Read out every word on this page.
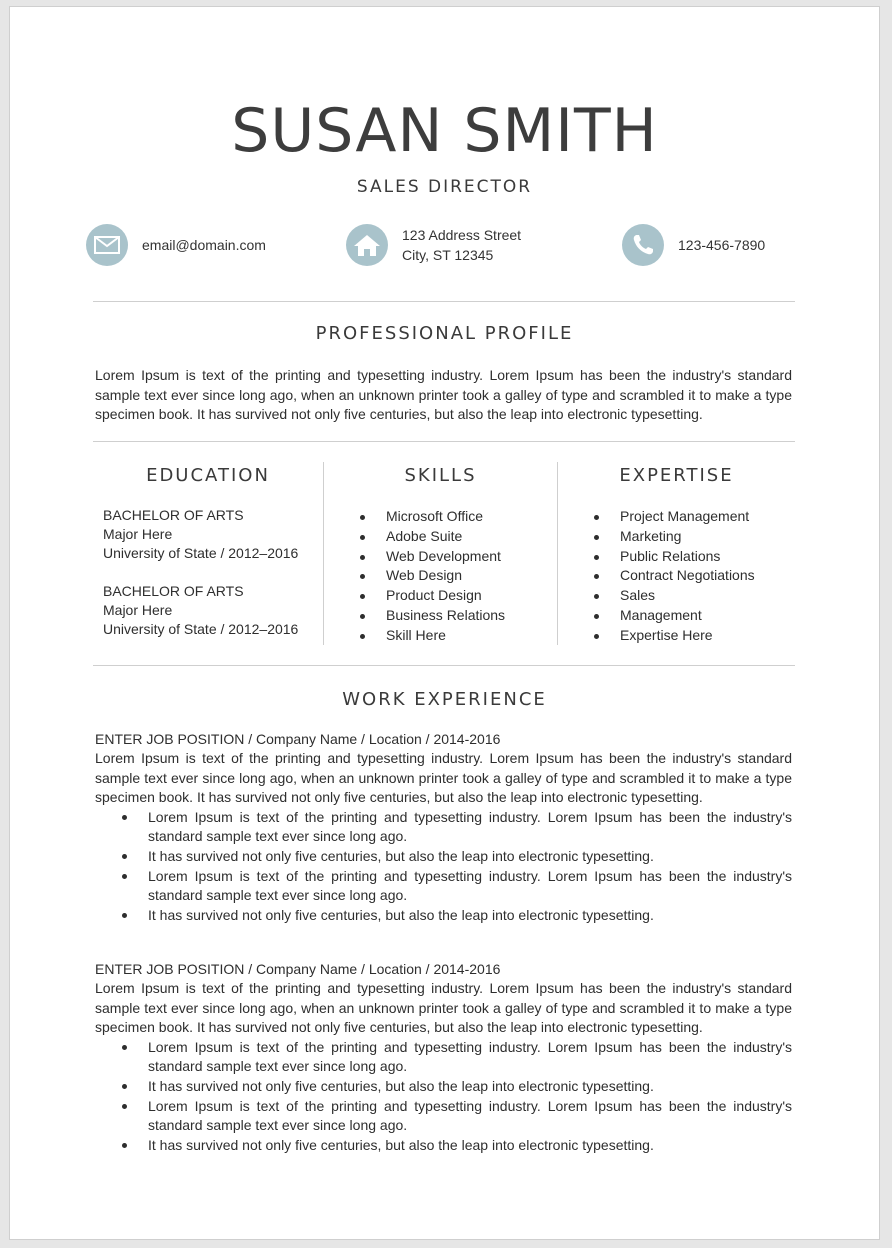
SUSAN SMITH
SALES DIRECTOR
email@domain.com
123 Address Street
City, ST 12345
123-456-7890
PROFESSIONAL PROFILE
Lorem Ipsum is text of the printing and typesetting industry. Lorem Ipsum has been the industry's standard sample text ever since long ago, when an unknown printer took a galley of type and scrambled it to make a type specimen book. It has survived not only five centuries, but also the leap into electronic typesetting.
EDUCATION	SKILLS	EXPERTISE
BACHELOR OF ARTS
Major Here
University of State / 2012–2016
BACHELOR OF ARTS
Major Here
University of State / 2012–2016
Microsoft Office
Adobe Suite
Web Development
Web Design
Product Design
Business Relations
Skill Here
Project Management
Marketing
Public Relations
Contract Negotiations
Sales
Management
Expertise Here
WORK EXPERIENCE
ENTER JOB POSITION / Company Name / Location / 2014-2016
Lorem Ipsum is text of the printing and typesetting industry. Lorem Ipsum has been the industry's standard sample text ever since long ago, when an unknown printer took a galley of type and scrambled it to make a type specimen book. It has survived not only five centuries, but also the leap into electronic typesetting.
Lorem Ipsum is text of the printing and typesetting industry. Lorem Ipsum has been the industry's standard sample text ever since long ago.
It has survived not only five centuries, but also the leap into electronic typesetting.
Lorem Ipsum is text of the printing and typesetting industry. Lorem Ipsum has been the industry's standard sample text ever since long ago.
It has survived not only five centuries, but also the leap into electronic typesetting.
ENTER JOB POSITION / Company Name / Location / 2014-2016
Lorem Ipsum is text of the printing and typesetting industry. Lorem Ipsum has been the industry's standard sample text ever since long ago, when an unknown printer took a galley of type and scrambled it to make a type specimen book. It has survived not only five centuries, but also the leap into electronic typesetting.
Lorem Ipsum is text of the printing and typesetting industry. Lorem Ipsum has been the industry's standard sample text ever since long ago.
It has survived not only five centuries, but also the leap into electronic typesetting.
Lorem Ipsum is text of the printing and typesetting industry. Lorem Ipsum has been the industry's standard sample text ever since long ago.
It has survived not only five centuries, but also the leap into electronic typesetting.
